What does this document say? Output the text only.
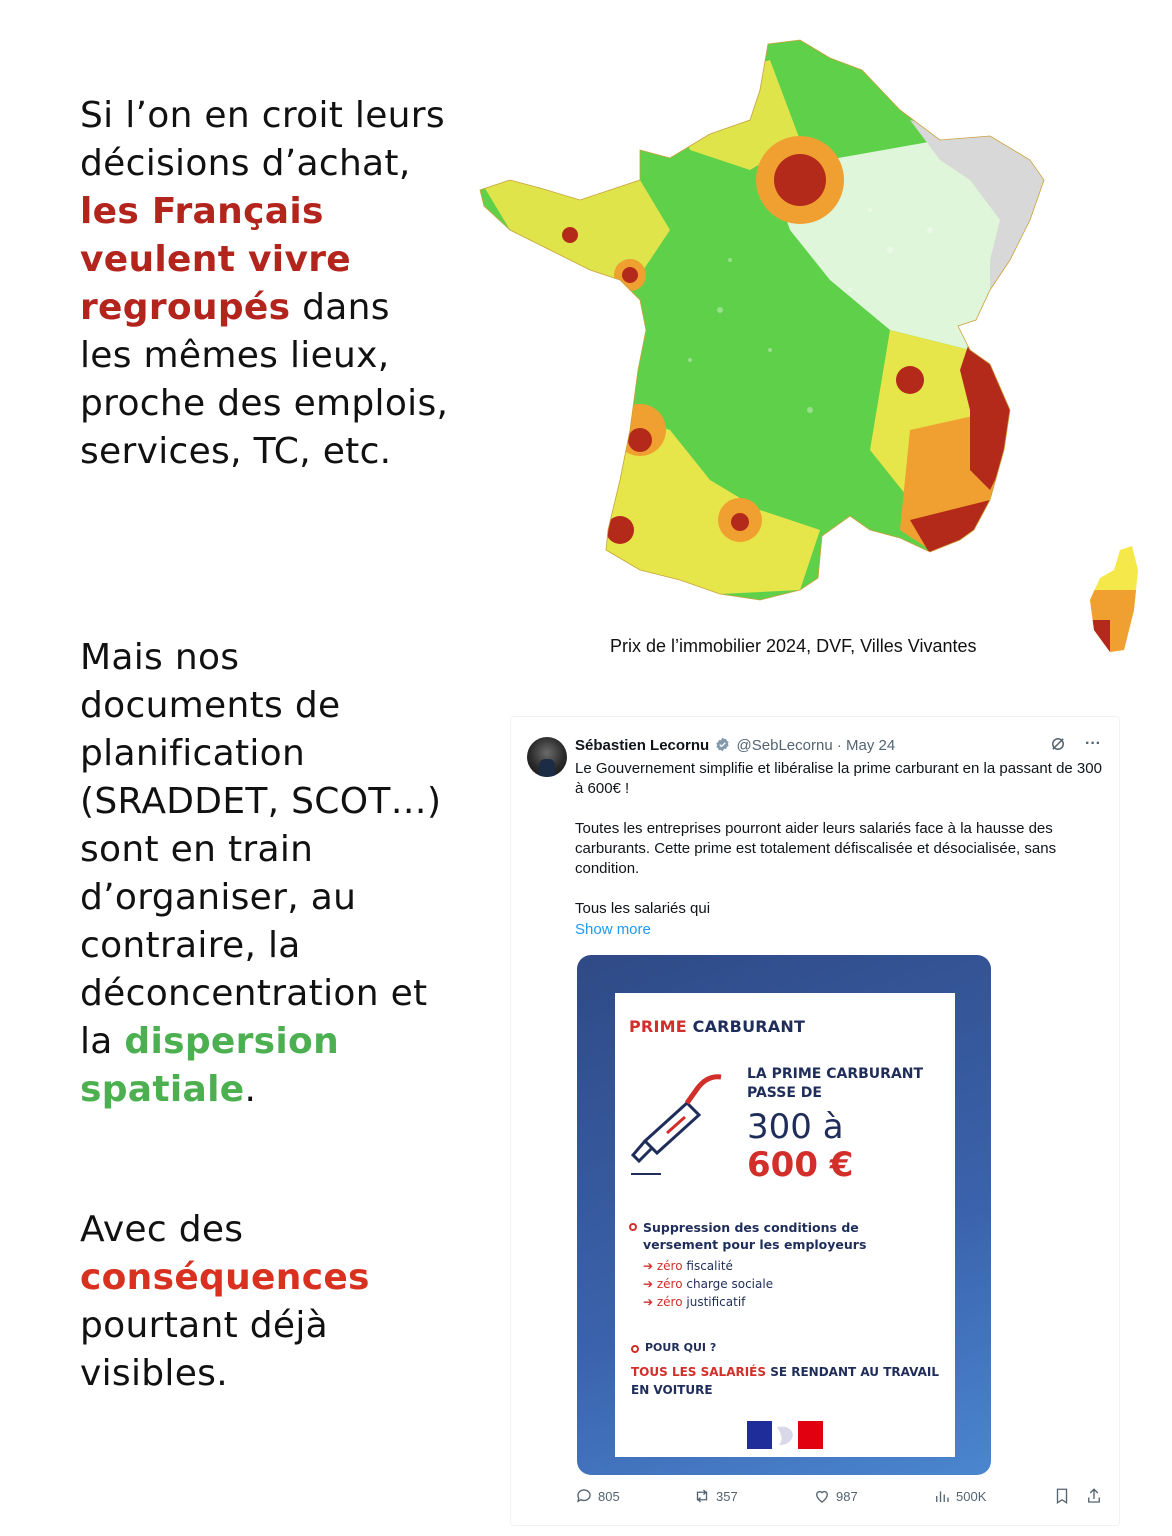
Si l’on en croit leurs décisions d’achat, les Français veulent vivre regroupés dans les mêmes lieux, proche des emplois, services, TC, etc.
Mais nos documents de planification (SRADDET, SCOT…) sont en train d’organiser, au contraire, la déconcentration et la dispersion spatiale.
Avec des conséquences pourtant déjà visibles.
Prix de l’immobilier 2024, DVF, Villes Vivantes
Sébastien Lecornu @SebLecornu · May 24	···
Le Gouvernement simplifie et libéralise la prime carburant en la passant de 300 à 600€ !

Toutes les entreprises pourront aider leurs salariés face à la hausse des carburants. Cette prime est totalement défiscalisée et désocialisée, sans condition.

Tous les salariés qui
Show more
PRIME CARBURANT
LA PRIME CARBURANT PASSE DE
300 à
600 €
Suppression des conditions de versement pour les employeurs
➔ zéro fiscalité
➔ zéro charge sociale
➔ zéro justificatif
POUR QUI ?
TOUS LES SALARIÉS SE RENDANT AU TRAVAIL EN VOITURE
805	357	987	500K
